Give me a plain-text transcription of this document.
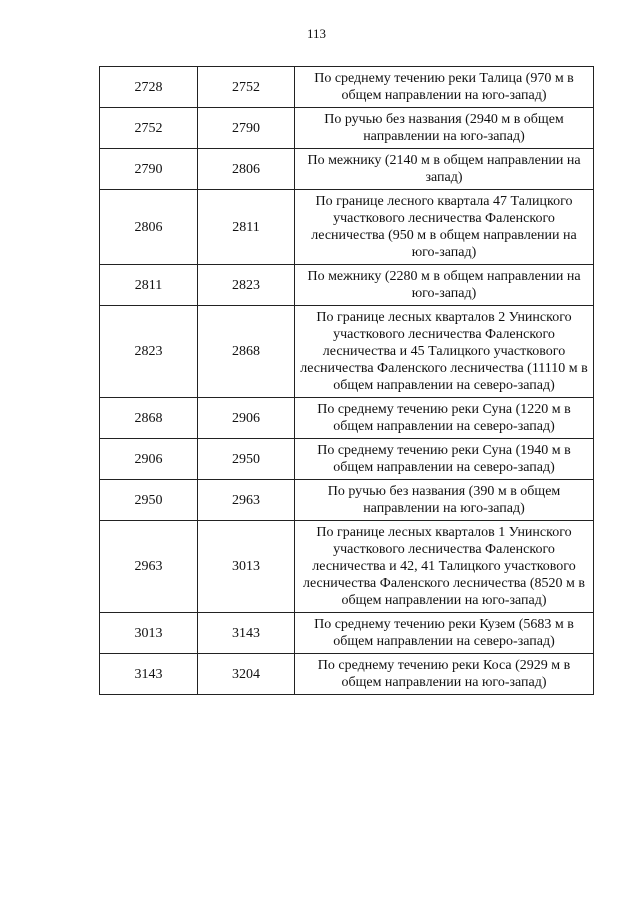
113
2728	2752	По среднему течению реки Талица (970 м в общем направлении на юго-запад)
2752	2790	По ручью без названия (2940 м в общем направлении на юго-запад)
2790	2806	По межнику (2140 м в общем направлении на запад)
2806	2811	По границе лесного квартала 47 Талицкого участкового лесничества Фаленского лесничества (950 м в общем направлении на юго-запад)
2811	2823	По межнику (2280 м в общем направлении на юго-запад)
2823	2868	По границе лесных кварталов 2 Унинского участкового лесничества Фаленского лесничества и 45 Талицкого участкового лесничества Фаленского лесничества (11110 м в общем направлении на северо-запад)
2868	2906	По среднему течению реки Суна (1220 м в общем направлении на северо-запад)
2906	2950	По среднему течению реки Суна (1940 м в общем направлении на северо-запад)
2950	2963	По ручью без названия (390 м в общем направлении на юго-запад)
2963	3013	По границе лесных кварталов 1 Унинского участкового лесничества Фаленского лесничества и 42, 41 Талицкого участкового лесничества Фаленского лесничества (8520 м в общем направлении на юго-запад)
3013	3143	По среднему течению реки Кузем (5683 м в общем направлении на северо-запад)
3143	3204	По среднему течению реки Коса (2929 м в общем направлении на юго-запад)
